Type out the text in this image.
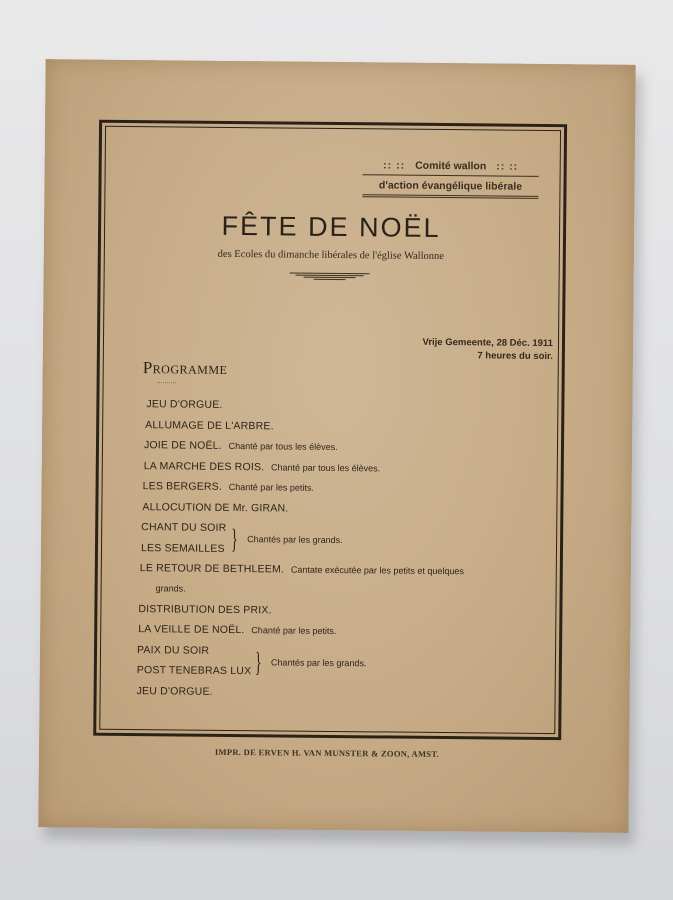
:: :: Comité wallon :: ::
d'action évangélique libérale
FÊTE DE NOËL
des Ecoles du dimanche libérales de l'église Wallonne
Vrije Gemeente, 28 Déc. 1911
7 heures du soir.
Programme
··········
JEU D'ORGUE.
ALLUMAGE DE L'ARBRE.
JOIE DE NOËL. Chanté par tous les élèves.
LA MARCHE DES ROIS. Chanté par tous les élèves.
LES BERGERS. Chanté par les petits.
ALLOCUTION DE Mr. GIRAN.
CHANT DU SOIR
LES SEMAILLES } Chantés par les grands.
LE RETOUR DE BETHLEEM. Cantate exécutée par les petits et quelques
grands.
DISTRIBUTION DES PRIX.
LA VEILLE DE NOËL. Chanté par les petits.
PAIX DU SOIR
POST TENEBRAS LUX } Chantés par les grands.
JEU D'ORGUE.
IMPR. DE ERVEN H. VAN MUNSTER & ZOON, AMST.
